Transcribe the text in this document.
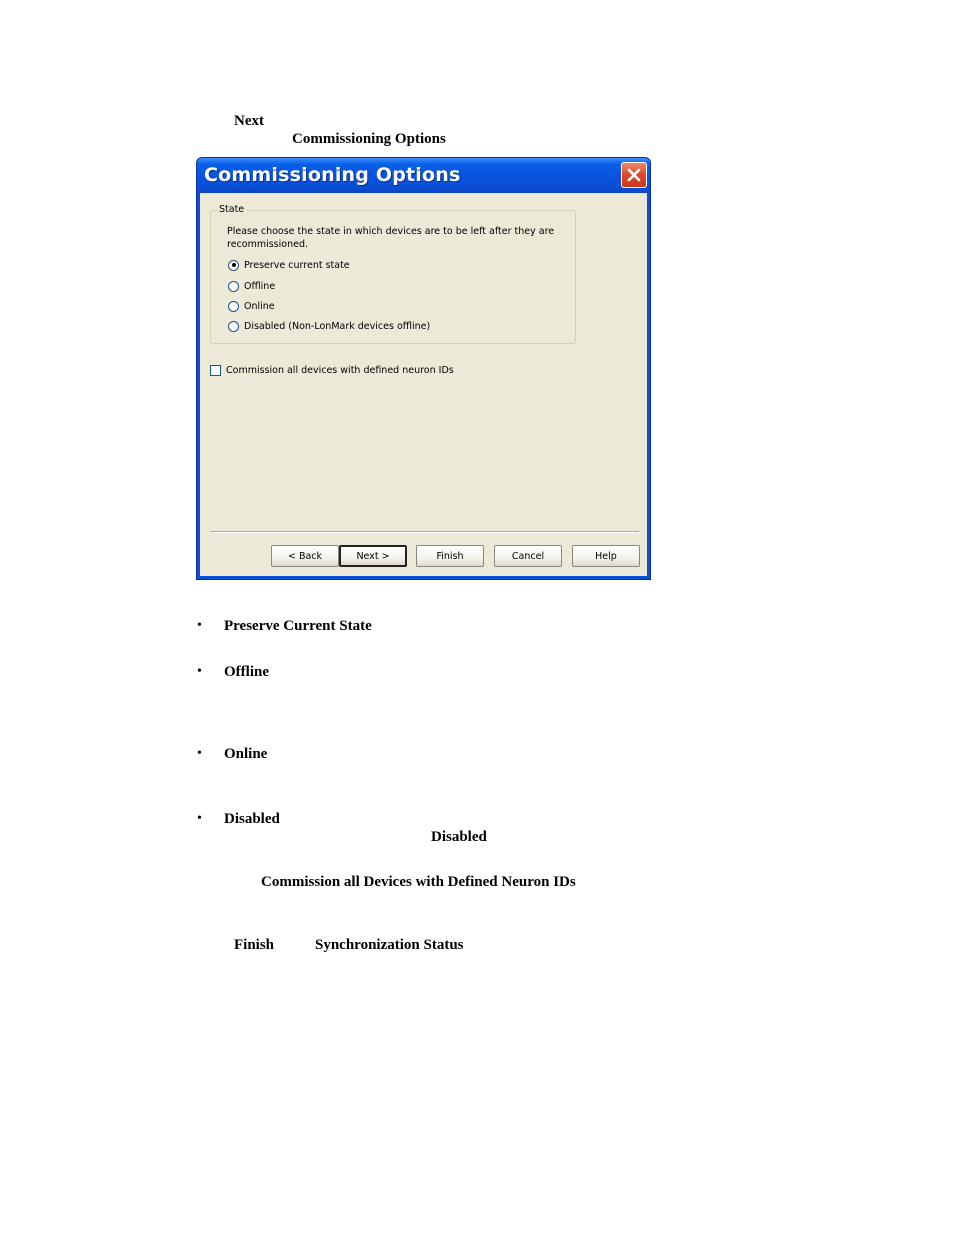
Next
Commissioning Options
Commissioning Options
State
Please choose the state in which devices are to be left after they are recommissioned.
Preserve current state
Offline
Online
Disabled (Non-LonMark devices offline)
Commission all devices with defined neuron IDs
< Back	Next >	Finish	Cancel	Help
• Preserve Current State
• Offline
• Online
• Disabled
Disabled
Commission all Devices with Defined Neuron IDs
Finish	Synchronization Status
